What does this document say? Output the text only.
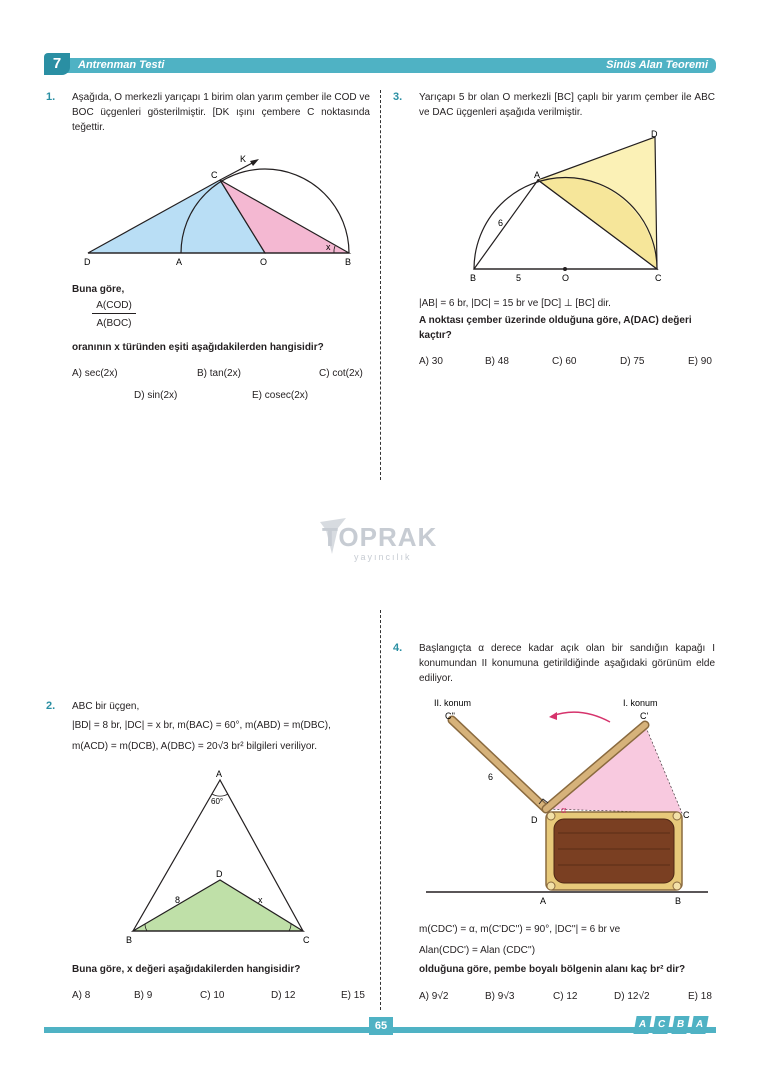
7	Antrenman Testi	Sinüs Alan Teoremi
1. Aşağıda, O merkezli yarıçapı 1 birim olan yarım çember ile COD ve BOC üçgenleri gösterilmiştir. [DK ışını çembere C noktasında teğettir.
K
C
D	A	O	B
x
Buna göre,
A(COD)
A(BOC)
oranının x türünden eşiti aşağıdakilerden hangisidir?
A) sec(2x)	B) tan(2x)	C) cot(2x)
D) sin(2x)	E) cosec(2x)
3. Yarıçapı 5 br olan O merkezli [BC] çaplı bir yarım çember ile ABC ve DAC üçgenleri aşağıda verilmiştir.
D
A
B	O	C
6
5
|AB| = 6 br, |DC| = 15 br ve [DC] ⊥ [BC] dir.
A noktası çember üzerinde olduğuna göre, A(DAC) değeri kaçtır?
A) 30	B) 48	C) 60	D) 75	E) 90
TOPRAK
yayıncılık
2. ABC bir üçgen,
|BD| = 8 br, |DC| = x br, m(BAC) = 60°, m(ABD) = m(DBC),
m(ACD) = m(DCB), A(DBC) = 20√3 br² bilgileri veriliyor.
A
60°
D
B	C
8	x
Buna göre, x değeri aşağıdakilerden hangisidir?
A) 8	B) 9	C) 10	D) 12	E) 15
4. Başlangıçta α derece kadar açık olan bir sandığın kapağı I konumundan II konumuna getirildiğinde aşağıdaki görünüm elde ediliyor.
II. konum	I. konum
C''	C'
6
D	C
α
A	B
m(CDC') = α, m(C'DC'') = 90°, |DC''| = 6 br ve
Alan(CDC') = Alan (CDC'')
olduğuna göre, pembe boyalı bölgenin alanı kaç br² dir?
A) 9√2	B) 9√3	C) 12	D) 12√2	E) 18
65	A C B A
